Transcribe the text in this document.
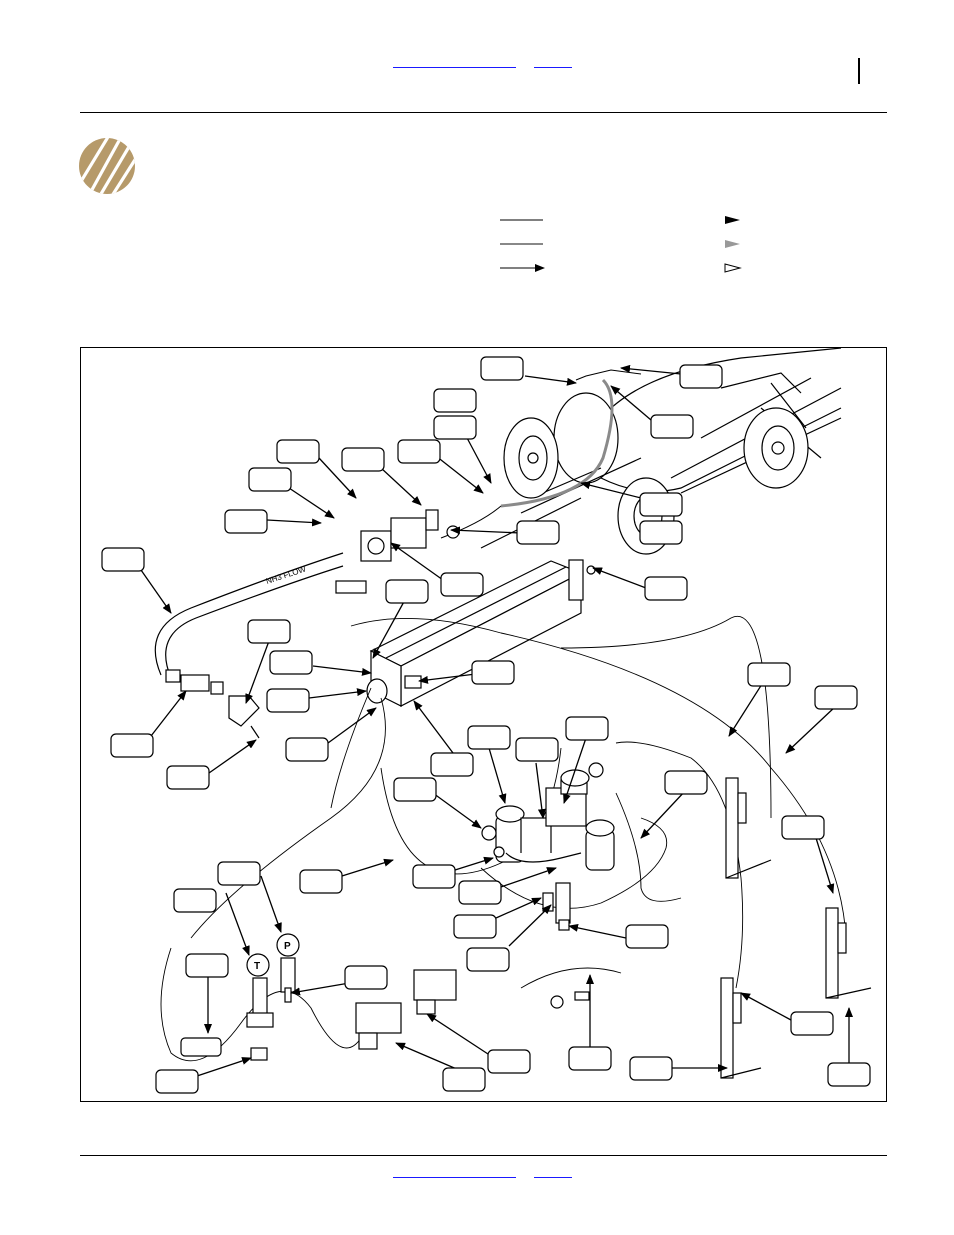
NH3 FLOW
T
P
